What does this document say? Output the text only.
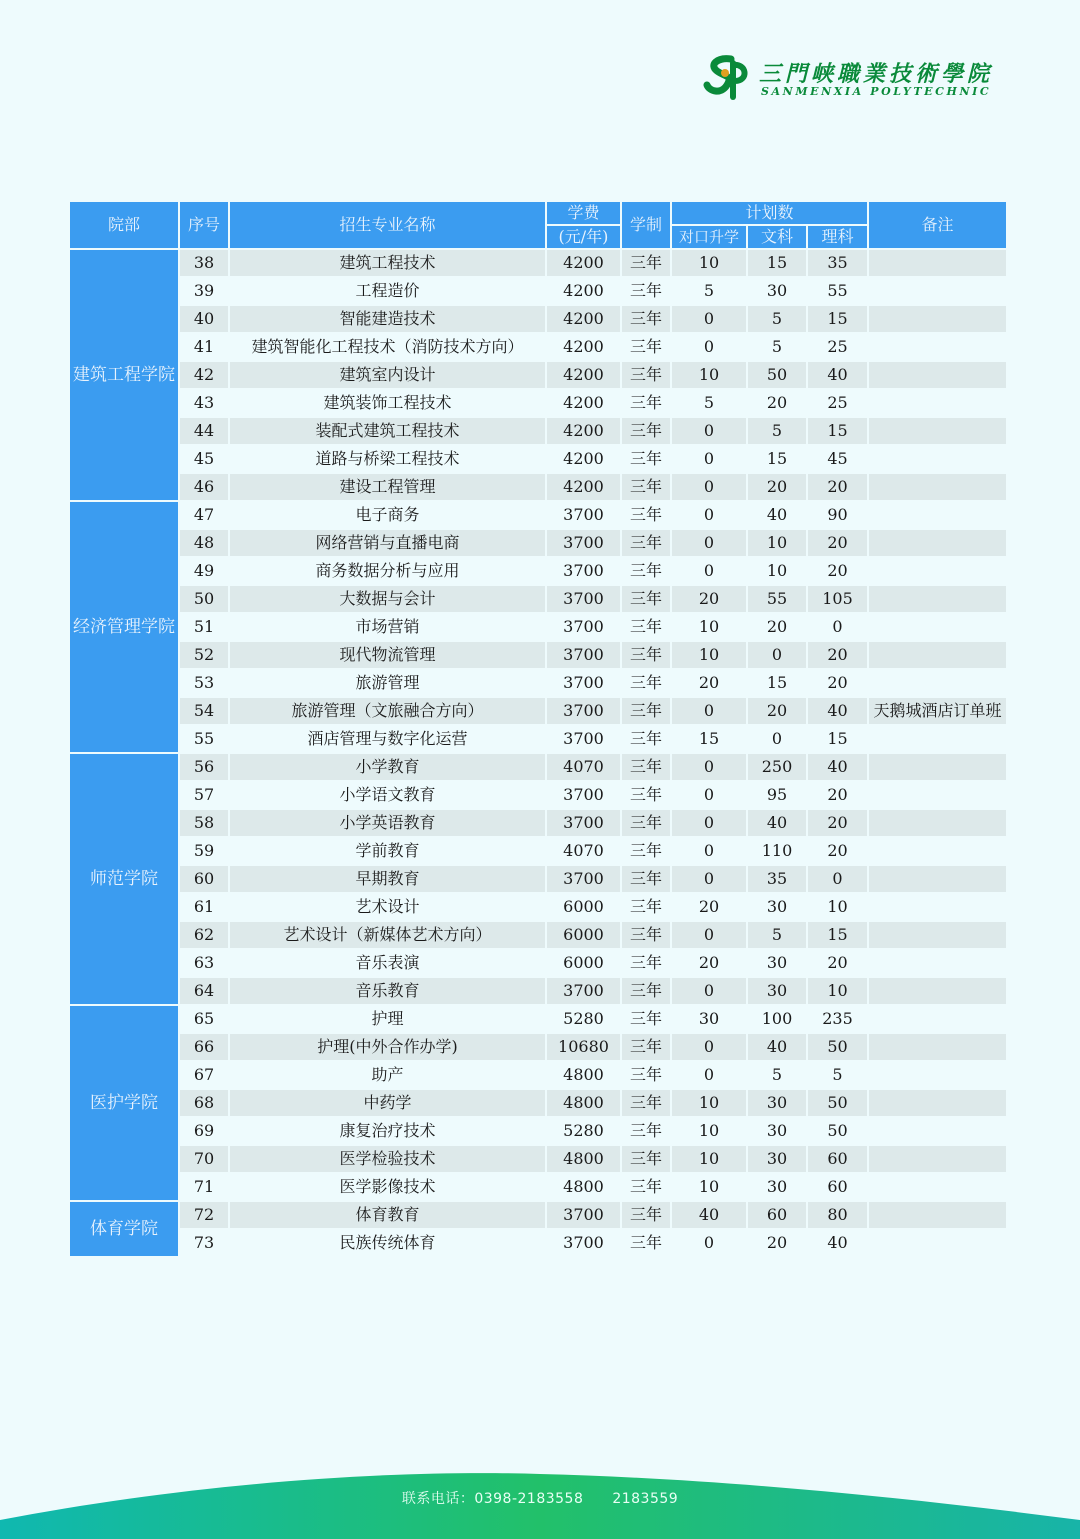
三門峡職業技術學院
SANMENXIA POLYTECHNIC
院部	序号	招生专业名称	学费	学制	计划数			备注
			(元/年)		对口升学	文科	理科	
建筑工程学院	38	建筑工程技术	4200	三年	10	15	35	
	39	工程造价	4200	三年	5	30	55	
	40	智能建造技术	4200	三年	0	5	15	
	41	建筑智能化工程技术（消防技术方向）	4200	三年	0	5	25	
	42	建筑室内设计	4200	三年	10	50	40	
	43	建筑装饰工程技术	4200	三年	5	20	25	
	44	装配式建筑工程技术	4200	三年	0	5	15	
	45	道路与桥梁工程技术	4200	三年	0	15	45	
	46	建设工程管理	4200	三年	0	20	20	
经济管理学院	47	电子商务	3700	三年	0	40	90	
	48	网络营销与直播电商	3700	三年	0	10	20	
	49	商务数据分析与应用	3700	三年	0	10	20	
	50	大数据与会计	3700	三年	20	55	105	
	51	市场营销	3700	三年	10	20	0	
	52	现代物流管理	3700	三年	10	0	20	
	53	旅游管理	3700	三年	20	15	20	
	54	旅游管理（文旅融合方向）	3700	三年	0	20	40	天鹅城酒店订单班
	55	酒店管理与数字化运营	3700	三年	15	0	15	
师范学院	56	小学教育	4070	三年	0	250	40	
	57	小学语文教育	3700	三年	0	95	20	
	58	小学英语教育	3700	三年	0	40	20	
	59	学前教育	4070	三年	0	110	20	
	60	早期教育	3700	三年	0	35	0	
	61	艺术设计	6000	三年	20	30	10	
	62	艺术设计（新媒体艺术方向）	6000	三年	0	5	15	
	63	音乐表演	6000	三年	20	30	20	
	64	音乐教育	3700	三年	0	30	10	
医护学院	65	护理	5280	三年	30	100	235	
	66	护理(中外合作办学)	10680	三年	0	40	50	
	67	助产	4800	三年	0	5	5	
	68	中药学	4800	三年	10	30	50	
	69	康复治疗技术	5280	三年	10	30	50	
	70	医学检验技术	4800	三年	10	30	60	
	71	医学影像技术	4800	三年	10	30	60	
体育学院	72	体育教育	3700	三年	40	60	80	
	73	民族传统体育	3700	三年	0	20	40	
联系电话：0398-2183558 2183559
